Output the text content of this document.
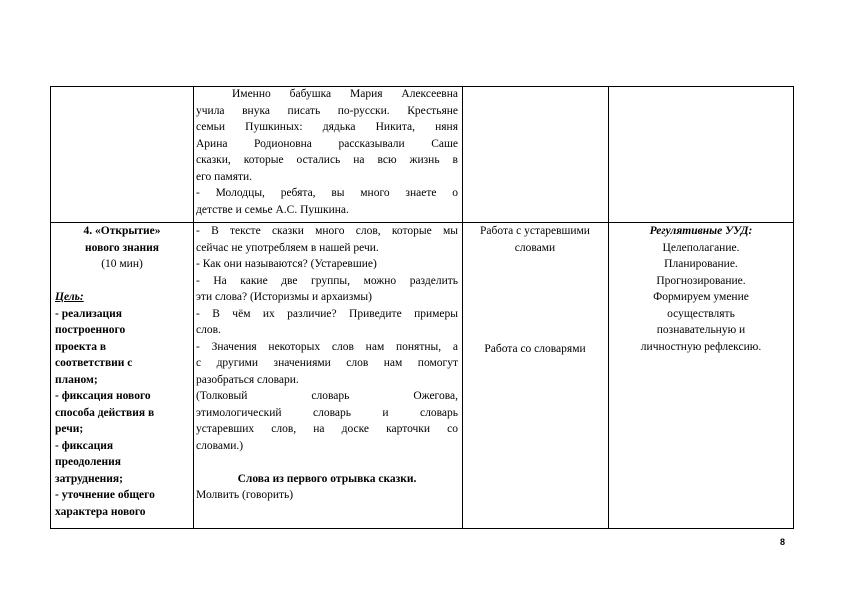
Именно бабушка Мария Алексеевна
учила внука писать по-русски. Крестьяне
семьи Пушкиных: дядька Никита, няня
Арина Родионовна рассказывали Саше
сказки, которые остались на всю жизнь в
его памяти.
- Молодцы, ребята, вы много знаете о
детстве и семье А.С. Пушкина.
4. «Открытие»
нового знания
(10 мин)

Цель:
- реализация
построенного
проекта в
соответствии с
планом;
- фиксация нового
способа действия в
речи;
- фиксация
преодоления
затруднения;
- уточнение общего
характера нового
- В тексте сказки много слов, которые мы
сейчас не употребляем в нашей речи.
- Как они называются? (Устаревшие)
- На какие две группы, можно разделить
эти слова? (Историзмы и архаизмы)
- В чём их различие? Приведите примеры
слов.
- Значения некоторых слов нам понятны, а
с другими значениями слов нам помогут
разобраться словари.
(Толковый словарь Ожегова,
этимологический словарь и словарь
устаревших слов, на доске карточки со
словами.)

Слова из первого отрывка сказки.
Молвить (говорить)
Работа с устаревшими
словами
Работа со словарями
Регулятивные УУД:
Целеполагание.
Планирование.
Прогнозирование.
Формируем умение
осуществлять
познавательную и
личностную рефлексию.
8
